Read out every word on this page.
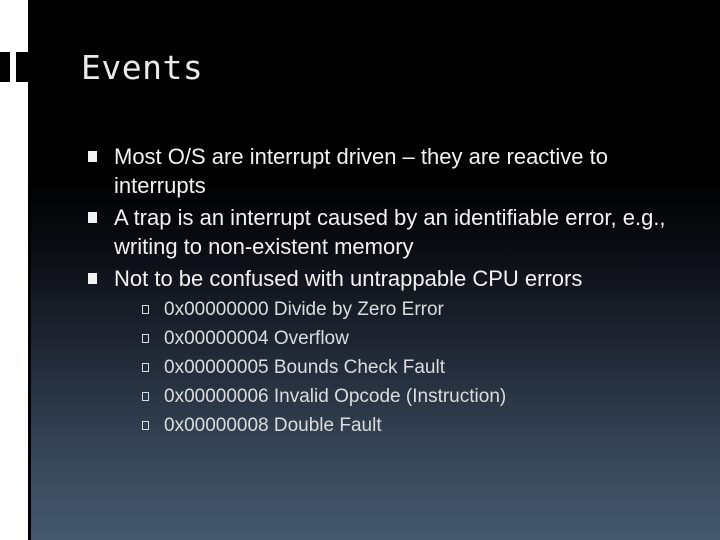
Events
Most O/S are interrupt driven – they are reactive to interrupts
A trap is an interrupt caused by an identifiable error, e.g., writing to non-existent memory
Not to be confused with untrappable CPU errors
0x00000000 Divide by Zero Error
0x00000004 Overflow
0x00000005 Bounds Check Fault
0x00000006 Invalid Opcode (Instruction)
0x00000008 Double Fault
